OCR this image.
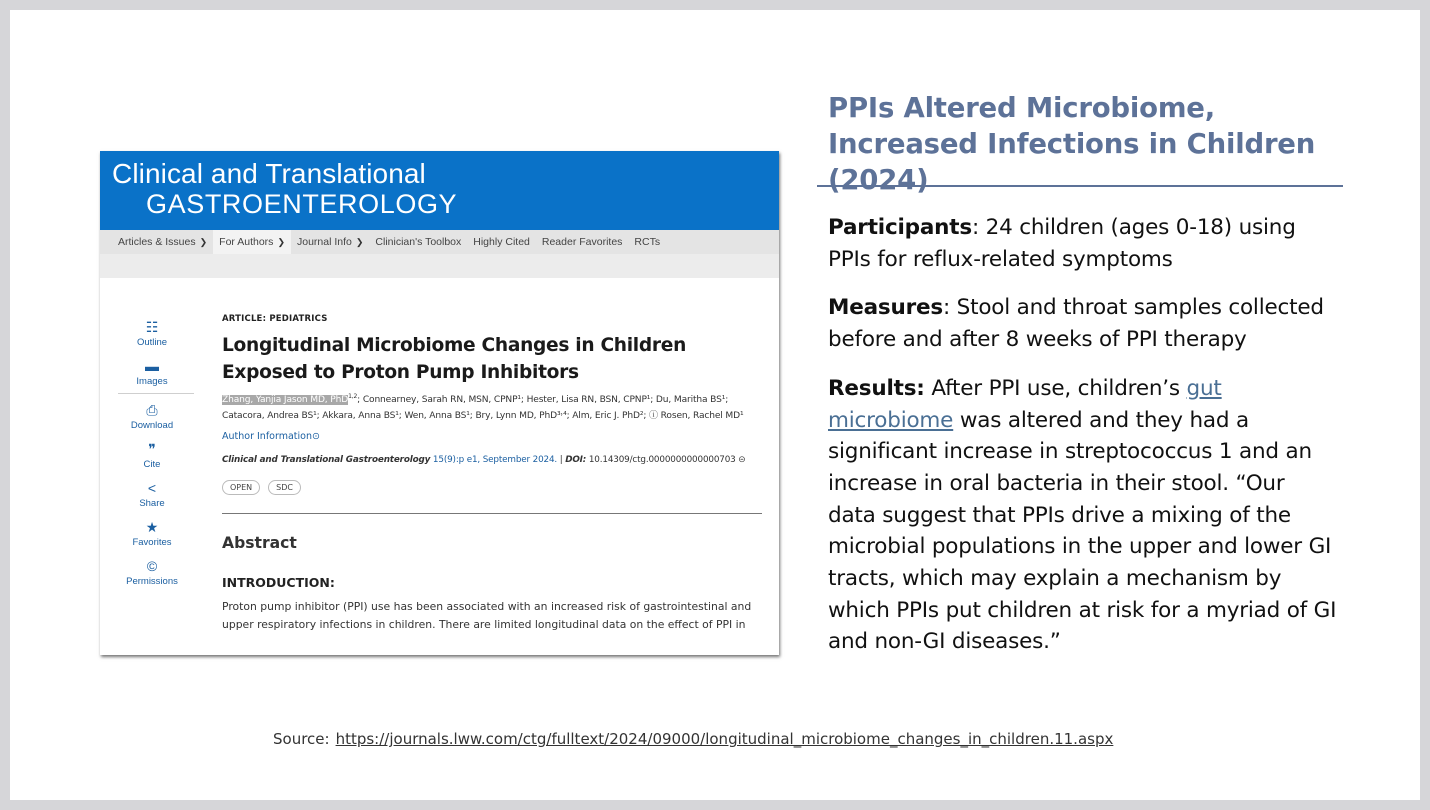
Clinical and Translational
GASTROENTEROLOGY
Articles & Issues ❯ For Authors ❯ Journal Info ❯ Clinician's Toolbox Highly Cited Reader Favorites RCTs
☷
Outline
▬
Images
⎙
Download
❞
Cite
<
Share
★
Favorites
©
Permissions
ARTICLE: PEDIATRICS
Longitudinal Microbiome Changes in Children Exposed to Proton Pump Inhibitors
Zhang, Yanjia Jason MD, PhD$^{1,2}$; Connearney, Sarah RN, MSN, CPNP¹; Hester, Lisa RN, BSN, CPNP¹; Du, Maritha BS¹; Catacora, Andrea BS¹; Akkara, Anna BS¹; Wen, Anna BS¹; Bry, Lynn MD, PhD³˒⁴; Alm, Eric J. PhD²; ⓘ Rosen, Rachel MD¹
Author Information⊙
Clinical and Translational Gastroenterology 15(9):p e1, September 2024. | DOI: 10.14309/ctg.0000000000000703 ⊝
OPEN	SDC
Abstract
INTRODUCTION:
Proton pump inhibitor (PPI) use has been associated with an increased risk of gastrointestinal and upper respiratory infections in children. There are limited longitudinal data on the effect of PPI in
PPIs Altered Microbiome, Increased Infections in Children (2024)

Participants: 24 children (ages 0-18) using PPIs for reflux-related symptoms

Measures: Stool and throat samples collected before and after 8 weeks of PPI therapy

Results: After PPI use, children’s gut microbiome was altered and they had a significant increase in streptococcus 1 and an increase in oral bacteria in their stool. “Our data suggest that PPIs drive a mixing of the microbial populations in the upper and lower GI tracts, which may explain a mechanism by which PPIs put children at risk for a myriad of GI and non-GI diseases.”

Source: https://journals.lww.com/ctg/fulltext/2024/09000/longitudinal_microbiome_changes_in_children.11.aspx
